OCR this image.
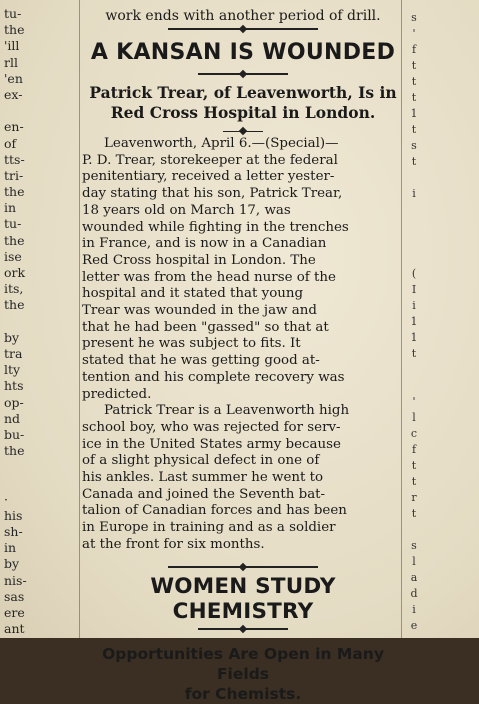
tu-
the
'ill
rll
'en
ex-
en-
of
tts-
tri-
the
in
tu-
the
ise
ork
its,
the
by
tra
lty
hts
op-
nd
bu-
the
·
his
sh-
in
by
nis-
sas
ere
ant
s
'
f
t
t
t
1
t
s
t
i
(
I
i
1
1
t
'
l
c
f
t
t
r
t
s
l
a
d
i
e
work ends with another period of drill.
A KANSAN IS WOUNDED
Patrick Trear, of Leavenworth, Is in
Red Cross Hospital in London.

Leavenworth, April 6.—(Special)—
P. D. Trear, storekeeper at the federal
penitentiary, received a letter yester-
day stating that his son, Patrick Trear,
18 years old on March 17, was
wounded while fighting in the trenches
in France, and is now in a Canadian
Red Cross hospital in London. The
letter was from the head nurse of the
hospital and it stated that young
Trear was wounded in the jaw and
that he had been "gassed" so that at
present he was subject to fits. It
stated that he was getting good at-
tention and his complete recovery was
predicted.

Patrick Trear is a Leavenworth high
school boy, who was rejected for serv-
ice in the United States army because
of a slight physical defect in one of
his ankles. Last summer he went to
Canada and joined the Seventh bat-
talion of Canadian forces and has been
in Europe in training and as a soldier
at the front for six months.

WOMEN STUDY CHEMISTRY
Opportunities Are Open in Many Fields
for Chemists.
